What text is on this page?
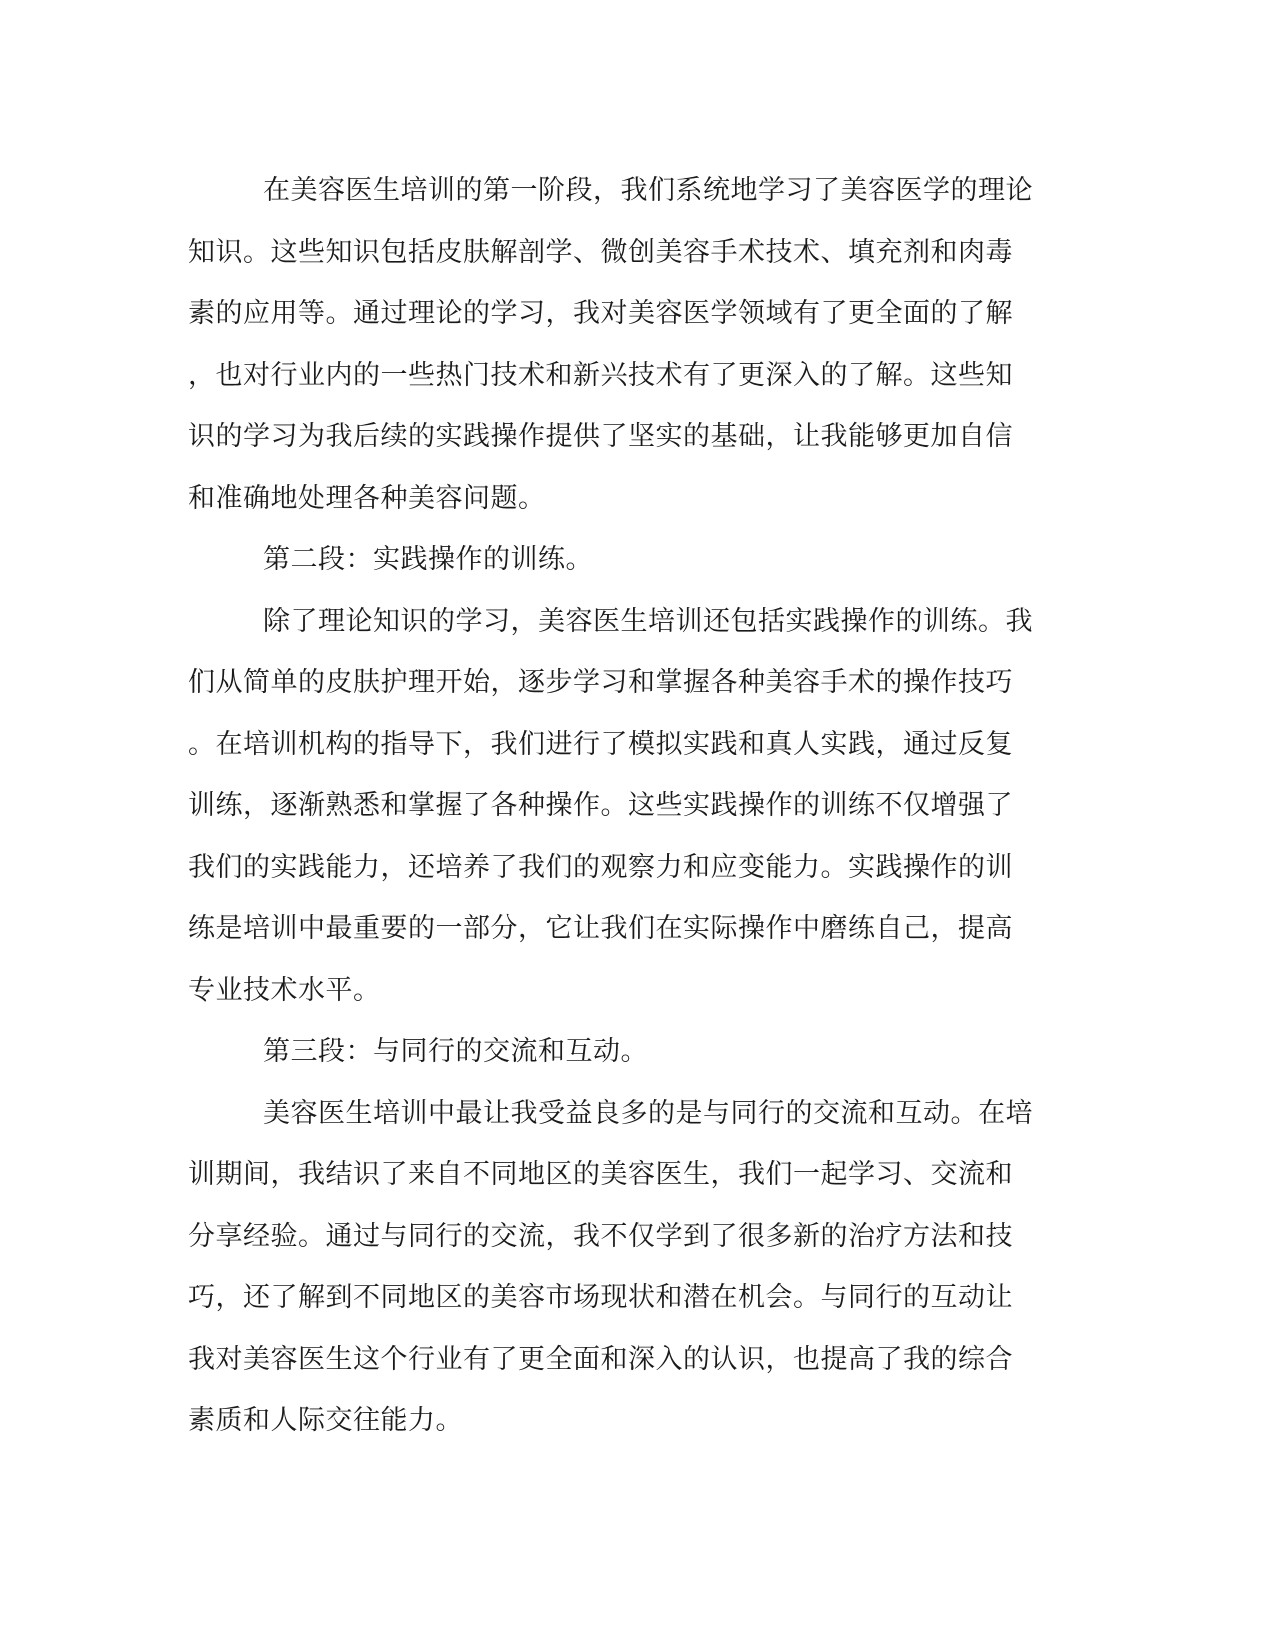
在美容医生培训的第一阶段，我们系统地学习了美容医学的理论
知识。这些知识包括皮肤解剖学、微创美容手术技术、填充剂和肉毒
素的应用等。通过理论的学习，我对美容医学领域有了更全面的了解
，也对行业内的一些热门技术和新兴技术有了更深入的了解。这些知
识的学习为我后续的实践操作提供了坚实的基础，让我能够更加自信
和准确地处理各种美容问题。
第二段：实践操作的训练。
除了理论知识的学习，美容医生培训还包括实践操作的训练。我
们从简单的皮肤护理开始，逐步学习和掌握各种美容手术的操作技巧
。在培训机构的指导下，我们进行了模拟实践和真人实践，通过反复
训练，逐渐熟悉和掌握了各种操作。这些实践操作的训练不仅增强了
我们的实践能力，还培养了我们的观察力和应变能力。实践操作的训
练是培训中最重要的一部分，它让我们在实际操作中磨练自己，提高
专业技术水平。
第三段：与同行的交流和互动。
美容医生培训中最让我受益良多的是与同行的交流和互动。在培
训期间，我结识了来自不同地区的美容医生，我们一起学习、交流和
分享经验。通过与同行的交流，我不仅学到了很多新的治疗方法和技
巧，还了解到不同地区的美容市场现状和潜在机会。与同行的互动让
我对美容医生这个行业有了更全面和深入的认识，也提高了我的综合
素质和人际交往能力。
